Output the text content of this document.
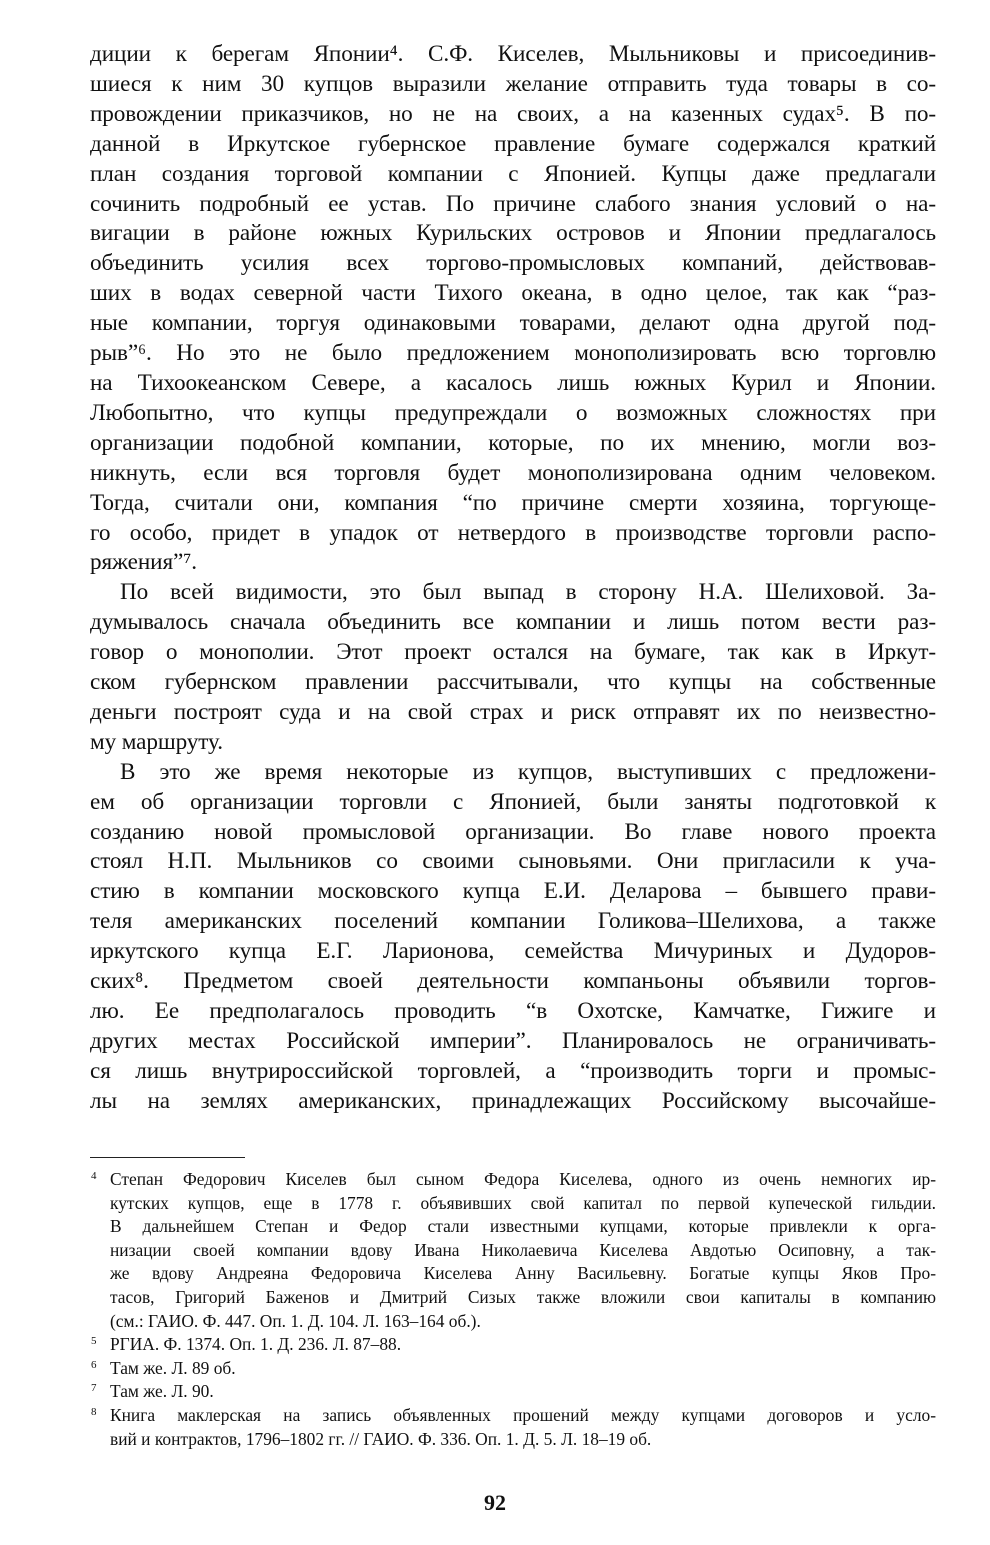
диции к берегам Японии⁴. С.Ф. Киселев, Мыльниковы и присоединив-
шиеся к ним 30 купцов выразили желание отправить туда товары в со-
провождении приказчиков, но не на своих, а на казенных судах⁵. В по-
данной в Иркутское губернское правление бумаге содержался краткий
план создания торговой компании с Японией. Купцы даже предлагали
сочинить подробный ее устав. По причине слабого знания условий о на-
вигации в районе южных Курильских островов и Японии предлагалось
объединить усилия всех торгово-промысловых компаний, действовав-
ших в водах северной части Тихого океана, в одно целое, так как “раз-
ные компании, торгуя одинаковыми товарами, делают одна другой под-
рыв”⁶. Но это не было предложением монополизировать всю торговлю
на Тихоокеанском Севере, а касалось лишь южных Курил и Японии.
Любопытно, что купцы предупреждали о возможных сложностях при
организации подобной компании, которые, по их мнению, могли воз-
никнуть, если вся торговля будет монополизирована одним человеком.
Тогда, считали они, компания “по причине смерти хозяина, торгующе-
го особо, придет в упадок от нетвердого в производстве торговли распо-
ряжения”⁷.

По всей видимости, это был выпад в сторону Н.А. Шелиховой. За-
думывалось сначала объединить все компании и лишь потом вести раз-
говор о монополии. Этот проект остался на бумаге, так как в Иркут-
ском губернском правлении рассчитывали, что купцы на собственные
деньги построят суда и на свой страх и риск отправят их по неизвестно-
му маршруту.

В это же время некоторые из купцов, выступивших с предложени-
ем об организации торговли с Японией, были заняты подготовкой к
созданию новой промысловой организации. Во главе нового проекта
стоял Н.П. Мыльников со своими сыновьями. Они пригласили к уча-
стию в компании московского купца Е.И. Деларова – бывшего прави-
теля американских поселений компании Голикова–Шелихова, а также
иркутского купца Е.Г. Ларионова, семейства Мичуриных и Дудоров-
ских⁸. Предметом своей деятельности компаньоны объявили торгов-
лю. Ее предполагалось проводить “в Охотске, Камчатке, Гижиге и
других местах Российской империи”. Планировалось не ограничивать-
ся лишь внутрироссийской торговлей, а “производить торги и промыс-
лы на землях американских, принадлежащих Российскому высочайше-

4 Степан Федорович Киселев был сыном Федора Киселева, одного из очень немногих ир-
кутских купцов, еще в 1778 г. объявивших свой капитал по первой купеческой гильдии.
В дальнейшем Степан и Федор стали известными купцами, которые привлекли к орга-
низации своей компании вдову Ивана Николаевича Киселева Авдотью Осиповну, а так-
же вдову Андреяна Федоровича Киселева Анну Васильевну. Богатые купцы Яков Про-
тасов, Григорий Баженов и Дмитрий Сизых также вложили свои капиталы в компанию
(см.: ГАИО. Ф. 447. Оп. 1. Д. 104. Л. 163–164 об.).
5 РГИА. Ф. 1374. Оп. 1. Д. 236. Л. 87–88.
6 Там же. Л. 89 об.
7 Там же. Л. 90.
8 Книга маклерская на запись объявленных прошений между купцами договоров и усло-
вий и контрактов, 1796–1802 гг. // ГАИО. Ф. 336. Оп. 1. Д. 5. Л. 18–19 об.
92
